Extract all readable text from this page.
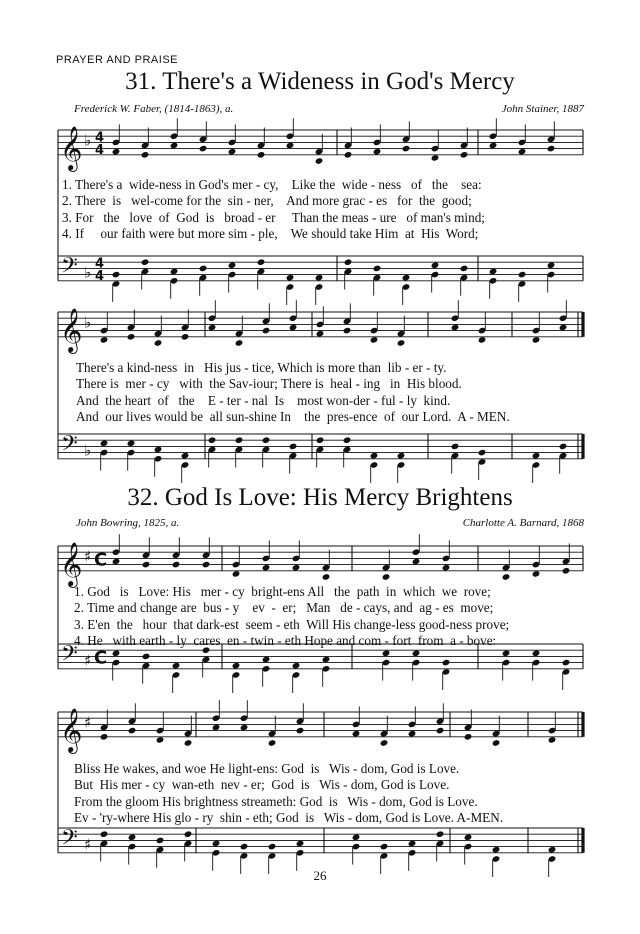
PRAYER AND PRAISE
31. There's a Wideness in God's Mercy
Frederick W. Faber, (1814-1863), a.	John Stainer, 1887
𝄞
𝄢
♭
♭
4
4
4
4
1. There's a  wide-ness in God's mer - cy,    Like the  wide - ness   of   the    sea:
2. There  is   wel-come for the  sin - ner,    And more grac - es   for  the  good;
3. For   the   love  of  God  is   broad - er     Than the meas - ure   of man's mind;
4. If     our faith were but more sim - ple,    We should take Him  at  His  Word;
𝄞
𝄢
♭
♭
There's a kind-ness  in   His jus - tice, Which is more than  lib - er - ty.
There is  mer - cy   with  the Sav-iour; There is  heal - ing   in  His blood.
And  the heart  of   the    E - ter - nal  Is    most won-der - ful - ly  kind.
And  our lives would be  all sun-shine In    the  pres-ence  of  our Lord.  A - MEN.
32. God Is Love: His Mercy Brightens
John Bowring, 1825, a.	Charlotte A. Barnard, 1868
𝄞
𝄢
♯
♯
C
C
1. God   is   Love: His   mer - cy  bright-ens All   the  path  in  which  we  rove;
2. Time and change are  bus - y    ev  -  er;   Man   de - cays, and  ag - es  move;
3. E'en  the   hour  that dark-est  seem - eth  Will His change-less good-ness prove;
4. He   with earth - ly  cares  en - twin - eth Hope and com - fort  from  a - bove:
𝄞
𝄢
♯
♯
Bliss He wakes, and woe He light-ens: God  is   Wis - dom, God is Love.
But  His mer - cy  wan-eth  nev - er;  God  is   Wis - dom, God is Love.
From the gloom His brightness streameth: God  is   Wis - dom, God is Love.
Ev - 'ry-where His glo - ry  shin - eth; God  is   Wis - dom, God is Love. A-MEN.
26
